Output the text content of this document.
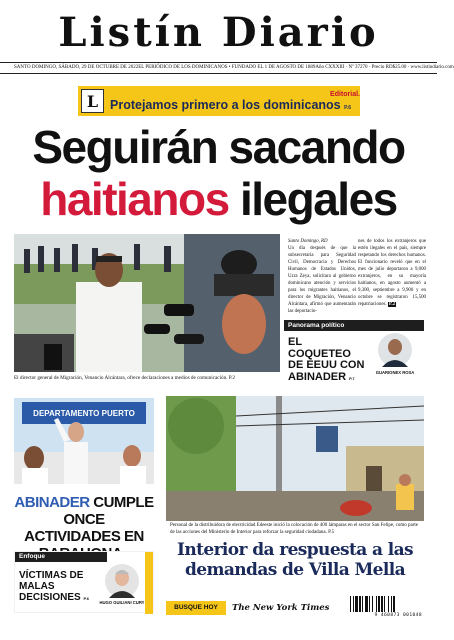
Listín Diario
SANTO DOMINGO, SÁBADO, 29 DE OCTUBRE DE 2022 EL PERIÓDICO DE LOS DOMINICANOS • FUNDADO EL 1 DE AGOSTO DE 1889 Año CXXXIII · Nº 37270 · Precio RD$25.00 · www.listindiario.com
L	Editorial.
Protejamos primero a los dominicanos P.6
Seguirán sacando
haitianos ilegales
El director general de Migración, Venancio Alcántara, ofrece declaraciones a medios de comunicación. P.2
Santo Domingo, RD
Un día después de que la subsecretaria para Seguridad Civil, Democracia y Derechos Humanos de Estados Unidos, Uzra Zeya, solicitara al gobierno dominicano atención y servicios para los migrantes haitianos, el director de Migración, Venancio Alcántara, afirmó que aumentarán las deportacio-
nes de todos los extranjeros que estén ilegales en el país, siempre respetando los derechos humanos. El funcionario reveló que en el mes de julio deportaron a 9,000 extranjeros, en su mayoría haitianos, en agosto aumentó a 9,300, septiembre a 9,900 y en octubre se registraron 15,500 repatriaciones. P.2
Panorama político
EL COQUETEO DE EEUU CON ABINADER P.7
GUARIONEX ROSA
DEPARTAMENTO PUERTO
ABINADER CUMPLE ONCE ACTIVIDADES EN
Enfoque
VÍCTIMAS DE MALAS DECISIONES P.6
HUGO GUILIANI CURY
Personal de la distribuidora de electricidad Edeeste inició la colocación de 400 lámparas en el sector San Felipe, como parte de las acciones del Ministerio de Interior para reforzar la seguridad ciudadana. P.5
Interior da respuesta a las demandas de Villa Mella
BUSQUE HOY	The New York Times
9 460873 001048
